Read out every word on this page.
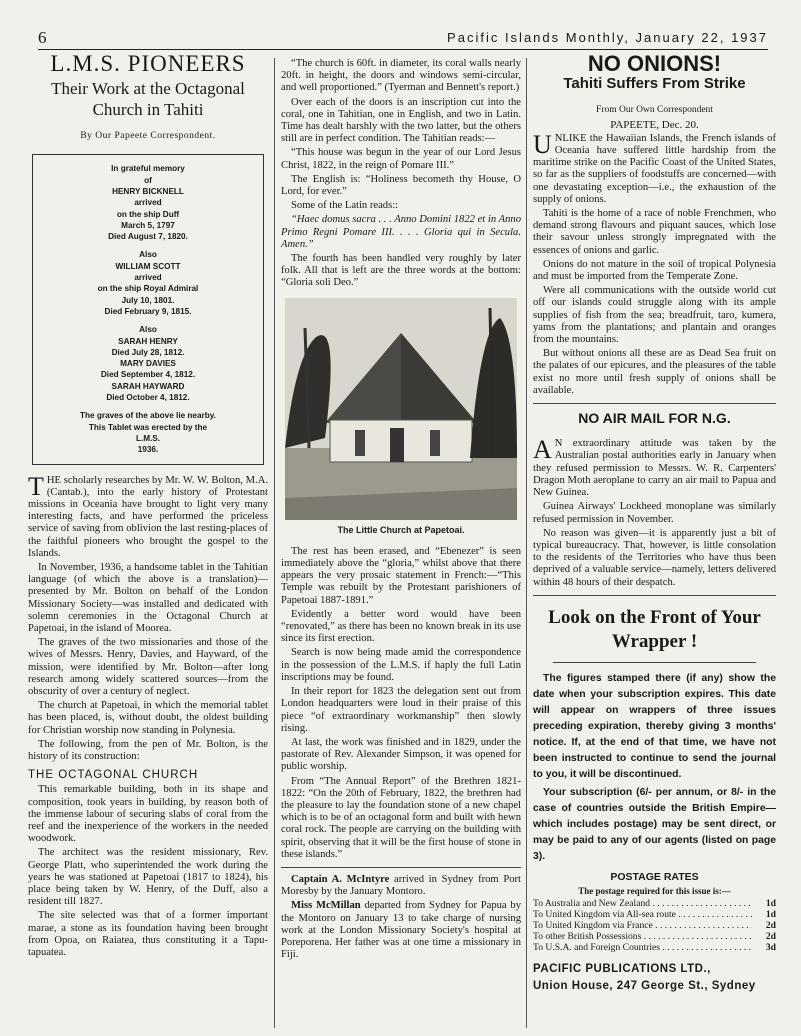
6	Pacific Islands Monthly, January 22, 1937
L.M.S. PIONEERS
Their Work at the Octagonal Church in Tahiti
By Our Papeete Correspondent.
In grateful memory
of
HENRY BICKNELL
arrived
on the ship Duff
March 5, 1797
Died August 7, 1820.
Also
WILLIAM SCOTT
arrived
on the ship Royal Admiral
July 10, 1801.
Died February 9, 1815.
Also
SARAH HENRY
Died July 28, 1812.
MARY DAVIES
Died September 4, 1812.
SARAH HAYWARD
Died October 4, 1812.
The graves of the above lie nearby.
This Tablet was erected by the
L.M.S.
1936.

THE scholarly researches by Mr. W. W. Bolton, M.A. (Cantab.), into the early history of Protestant missions in Oceania have brought to light very many interesting facts, and have performed the priceless service of saving from oblivion the last resting-places of the faithful pioneers who brought the gospel to the Islands.

In November, 1936, a handsome tablet in the Tahitian language (of which the above is a translation)—presented by Mr. Bolton on behalf of the London Missionary Society—was installed and dedicated with solemn ceremonies in the Octagonal Church at Papetoai, in the island of Moorea.

The graves of the two missionaries and those of the wives of Messrs. Henry, Davies, and Hayward, of the mission, were identified by Mr. Bolton—after long research among widely scattered sources—from the obscurity of over a century of neglect.

The church at Papetoai, in which the memorial tablet has been placed, is, without doubt, the oldest building for Christian worship now standing in Polynesia.

The following, from the pen of Mr. Bolton, is the history of its construction:

THE OCTAGONAL CHURCH

This remarkable building, both in its shape and composition, took years in building, by reason both of the immense labour of securing slabs of coral from the reef and the inexperience of the workers in the needed woodwork.

The architect was the resident missionary, Rev. George Platt, who superintended the work during the years he was stationed at Papetoai (1817 to 1824), his place being taken by W. Henry, of the Duff, also a resident till 1827.

The site selected was that of a former important marae, a stone as its foundation having been brought from Opoa, on Raiatea, thus constituting it a Tapu-tapuatea.

“The church is 60ft. in diameter, its coral walls nearly 20ft. in height, the doors and windows semi-circular, and well proportioned.” (Tyerman and Bennett's report.)

Over each of the doors is an inscription cut into the coral, one in Tahitian, one in English, and two in Latin. Time has dealt harshly with the two latter, but the others still are in perfect condition. The Tahitian reads:—

“This house was begun in the year of our Lord Jesus Christ, 1822, in the reign of Pomare III.”

The English is: “Holiness becometh thy House, O Lord, for ever.”

Some of the Latin reads::

“Haec domus sacra . . . Anno Domini 1822 et in Anno Primo Regni Pomare III. . . . Gloria qui in Secula. Amen.”

The fourth has been handled very roughly by later folk. All that is left are the three words at the bottom: “Gloria soli Deo.”

The Little Church at Papetoai.

The rest has been erased, and “Ebenezer” is seen immediately above the “gloria,” whilst above that there appears the very prosaic statement in French:—“This Temple was rebuilt by the Protestant parishioners of Papetoai 1887-1891.”

Evidently a better word would have been “renovated,” as there has been no known break in its use since its first erection.

Search is now being made amid the correspondence in the possession of the L.M.S. if haply the full Latin inscriptions may be found.

In their report for 1823 the delegation sent out from London headquarters were loud in their praise of this piece “of extraordinary workmanship” then slowly rising.

At last, the work was finished and in 1829, under the pastorate of Rev. Alexander Simpson, it was opened for public worship.

From “The Annual Report” of the Brethren 1821-1822: “On the 20th of February, 1822, the brethren had the pleasure to lay the foundation stone of a new chapel which is to be of an octagonal form and built with hewn coral rock. The people are carrying on the building with spirit, observing that it will be the first house of stone in these islands.”

Captain A. McIntyre arrived in Sydney from Port Moresby by the January Montoro.

Miss McMillan departed from Sydney for Papua by the Montoro on January 13 to take charge of nursing work at the London Missionary Society's hospital at Poreporena. Her father was at one time a missionary in Fiji.

NO ONIONS!
Tahiti Suffers From Strike
From Our Own Correspondent
PAPEETE, Dec. 20.

UNLIKE the Hawaiian Islands, the French islands of Oceania have suffered little hardship from the maritime strike on the Pacific Coast of the United States, so far as the suppliers of foodstuffs are concerned—with one devastating exception—i.e., the exhaustion of the supply of onions.

Tahiti is the home of a race of noble Frenchmen, who demand strong flavours and piquant sauces, which lose their savour unless strongly impregnated with the essences of onions and garlic.

Onions do not mature in the soil of tropical Polynesia and must be imported from the Temperate Zone.

Were all communications with the outside world cut off our islands could struggle along with its ample supplies of fish from the sea; breadfruit, taro, kumera, yams from the plantations; and plantain and oranges from the mountains.

But without onions all these are as Dead Sea fruit on the palates of our epicures, and the pleasures of the table exist no more until fresh supply of onions shall be available.

NO AIR MAIL FOR N.G.

A N extraordinary attitude was taken by the Australian postal authorities early in January when they refused permission to Messrs. W. R. Carpenters' Dragon Moth aeroplane to carry an air mail to Papua and New Guinea.

Guinea Airways' Lockheed monoplane was similarly refused permission in November.

No reason was given—it is apparently just a bit of typical bureaucracy. That, however, is little consolation to the residents of the Territories who have thus been deprived of a valuable service—namely, letters delivered within 48 hours of their despatch.

Look on the Front of Your Wrapper !

The figures stamped there (if any) show the date when your subscription expires. This date will appear on wrappers of three issues preceding expiration, thereby giving 3 months' notice. If, at the end of that time, we have not been instructed to continue to send the journal to you, it will be discontinued.

Your subscription (6/- per annum, or 8/- in the case of countries outside the British Empire—which includes postage) may be sent direct, or may be paid to any of our agents (listed on page 3).

POSTAGE RATES
The postage required for this issue is:—
To Australia and New Zealand . . .	1d
To United Kingdom via All-sea route . . .	1d
To United Kingdom via France . . .	2d
To other British Possessions . . .	2d
To U.S.A. and Foreign Countries . . .	3d
PACIFIC PUBLICATIONS LTD.,
Union House, 247 George St., Sydney
